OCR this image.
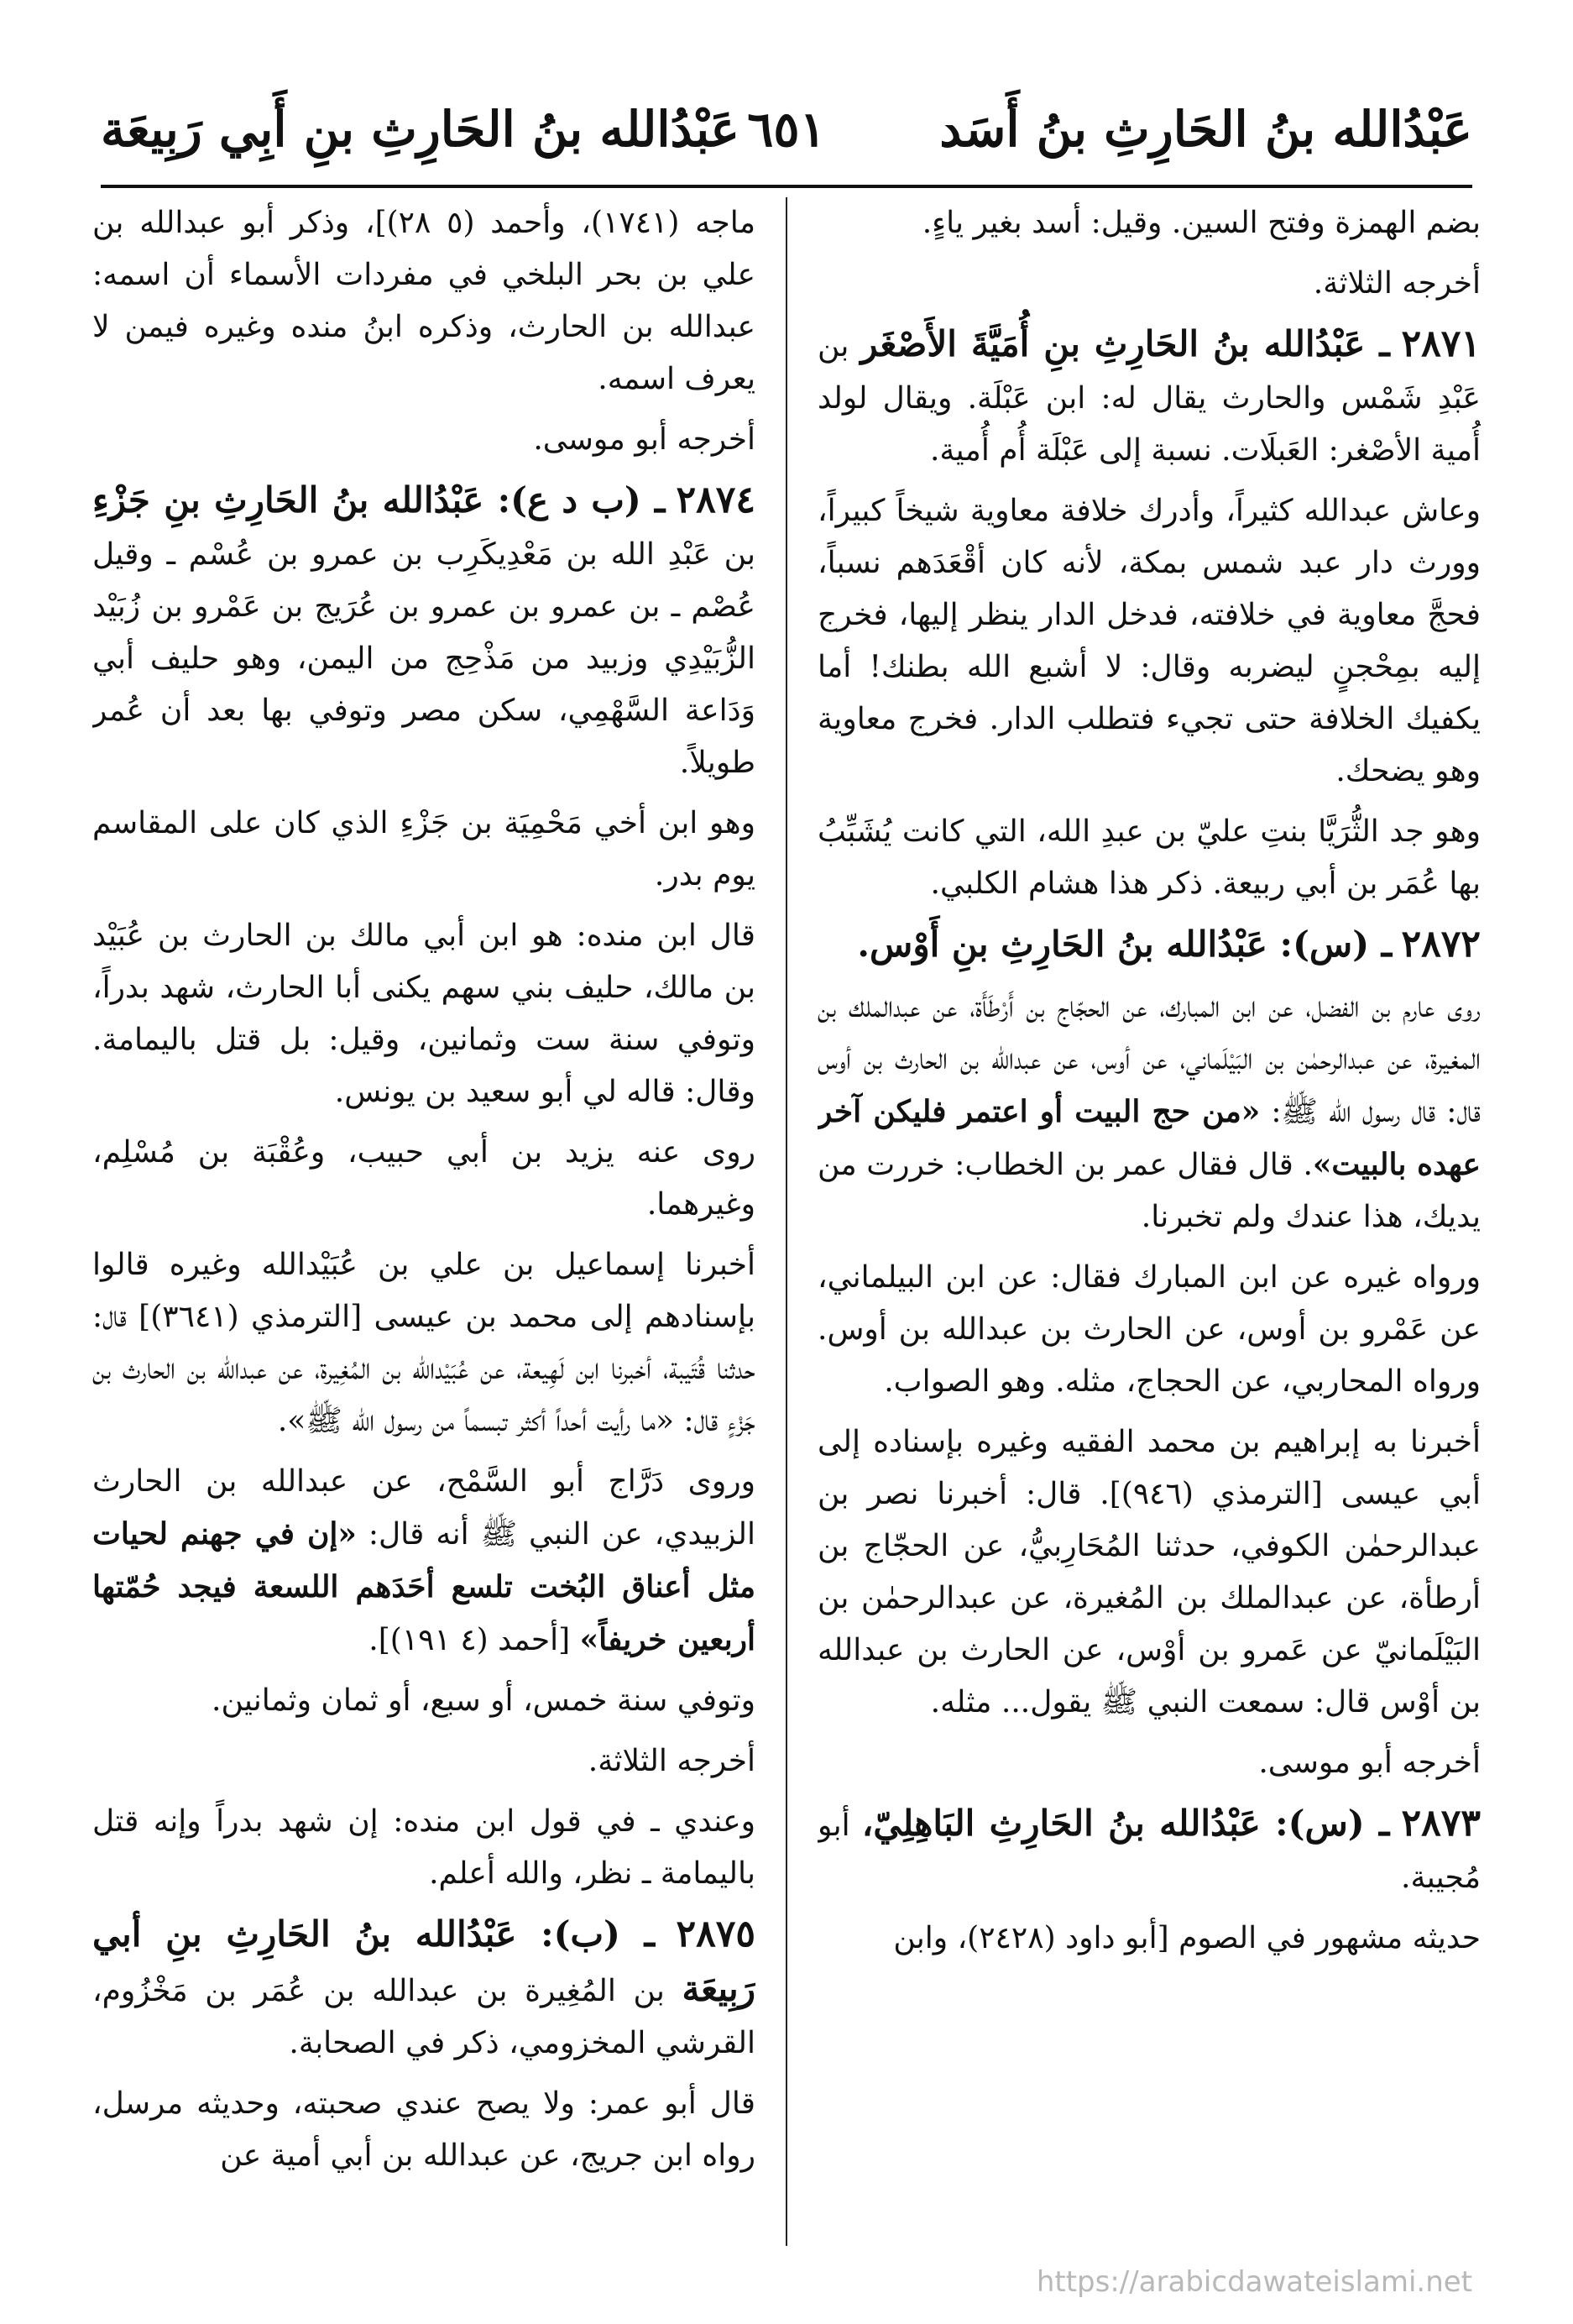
عَبْدُالله بنُ الحَارِثِ بنُ أَسَد
٦٥١
عَبْدُالله بنُ الحَارِثِ بنِ أَبِي رَبِيعَة

بضم الهمزة وفتح السين. وقيل: أسد بغير ياءٍ.

أخرجه الثلاثة.

٢٨٧١ ـ عَبْدُالله بنُ الحَارِثِ بنِ أُمَيَّةَ الأَصْغَر بن عَبْدِ شَمْس والحارث يقال له: ابن عَبْلَة. ويقال لولد أُمية الأصْغر: العَبلَات. نسبة إلى عَبْلَة أُم أُمية.

وعاش عبدالله كثيراً، وأدرك خلافة معاوية شيخاً كبيراً، وورث دار عبد شمس بمكة، لأنه كان أقْعَدَهم نسباً، فحجَّ معاوية في خلافته، فدخل الدار ينظر إليها، فخرج إليه بمِحْجنٍ ليضربه وقال: لا أشبع الله بطنك! أما يكفيك الخلافة حتى تجيء فتطلب الدار. فخرج معاوية وهو يضحك.

وهو جد الثُّرَيَّا بنتِ عليّ بن عبدِ الله، التي كانت يُشَبِّبُ بها عُمَر بن أبي ربيعة. ذكر هذا هشام الكلبي.

٢٨٧٢ ـ (س): عَبْدُالله بنُ الحَارِثِ بنِ أَوْس.

روى عارم بن الفضل، عن ابن المبارك، عن الحجّاج بن أَرْطَأَة، عن عبدالملك بن المغيرة، عن عبدالرحمٰن بن البَيْلَماني، عن أوس، عن عبدالله بن الحارث بن أوس قال: قال رسول الله ﷺ: «من حج البيت أو اعتمر فليكن آخر عهده بالبيت». قال فقال عمر بن الخطاب: خررت من يديك، هذا عندك ولم تخبرنا.

ورواه غيره عن ابن المبارك فقال: عن ابن البيلماني، عن عَمْرو بن أوس، عن الحارث بن عبدالله بن أوس. ورواه المحاربي، عن الحجاج، مثله. وهو الصواب.

أخبرنا به إبراهيم بن محمد الفقيه وغيره بإسناده إلى أبي عيسى [الترمذي (٩٤٦)]. قال: أخبرنا نصر بن عبدالرحمٰن الكوفي، حدثنا المُحَارِبيُّ، عن الحجّاج بن أرطأة، عن عبدالملك بن المُغيرة، عن عبدالرحمٰن بن البَيْلَمانيّ عن عَمرو بن أوْس، عن الحارث بن عبدالله بن أوْس قال: سمعت النبي ﷺ يقول... مثله.

أخرجه أبو موسى.

٢٨٧٣ ـ (س): عَبْدُالله بنُ الحَارِثِ البَاهِلِيّ، أبو مُجيبة.

حديثه مشهور في الصوم [أبو داود (٢٤٢٨)، وابن

ماجه (١٧٤١)، وأحمد (٥ ٢٨)]، وذكر أبو عبدالله بن علي بن بحر البلخي في مفردات الأسماء أن اسمه: عبدالله بن الحارث، وذكره ابنُ منده وغيره فيمن لا يعرف اسمه.

أخرجه أبو موسى.

٢٨٧٤ ـ (ب د ع): عَبْدُالله بنُ الحَارِثِ بنِ جَزْءِ بن عَبْدِ الله بن مَعْدِيكَرِب بن عمرو بن عُسْم ـ وقيل عُصْم ـ بن عمرو بن عمرو بن عُرَيج بن عَمْرو بن زُبَيْد الزُّبَيْدِي وزبيد من مَذْحِج من اليمن، وهو حليف أبي وَدَاعة السَّهْمِي، سكن مصر وتوفي بها بعد أن عُمر طويلاً.

وهو ابن أخي مَحْمِيَة بن جَزْءِ الذي كان على المقاسم يوم بدر.

قال ابن منده: هو ابن أبي مالك بن الحارث بن عُبَيْد بن مالك، حليف بني سهم يكنى أبا الحارث، شهد بدراً، وتوفي سنة ست وثمانين، وقيل: بل قتل باليمامة. وقال: قاله لي أبو سعيد بن يونس.

روى عنه يزيد بن أبي حبيب، وعُقْبَة بن مُسْلِم، وغيرهما.

أخبرنا إسماعيل بن علي بن عُبَيْدالله وغيره قالوا بإسنادهم إلى محمد بن عيسى [الترمذي (٣٦٤١)] قال: حدثنا قُتَيبة، أخبرنا ابن لَهِيعة، عن عُبَيْدالله بن المُغِيرة، عن عبدالله بن الحارث بن جَزْءٍ قال: «ما رأيت أحداً أكثر تبسماً من رسول الله ﷺ».

وروى دَرَّاج أبو السَّمْح، عن عبدالله بن الحارث الزبيدي، عن النبي ﷺ أنه قال: «إن في جهنم لحيات مثل أعناق البُخت تلسع أحَدَهم اللسعة فيجد حُمّتها أربعين خريفاً» [أحمد (٤ ١٩١)].

وتوفي سنة خمس، أو سبع، أو ثمان وثمانين.

أخرجه الثلاثة.

وعندي ـ في قول ابن منده: إن شهد بدراً وإنه قتل باليمامة ـ نظر، والله أعلم.

٢٨٧٥ ـ (ب): عَبْدُالله بنُ الحَارِثِ بنِ أبي رَبِيعَة بن المُغِيرة بن عبدالله بن عُمَر بن مَخْزُوم، القرشي المخزومي، ذكر في الصحابة.

قال أبو عمر: ولا يصح عندي صحبته، وحديثه مرسل، رواه ابن جريج، عن عبدالله بن أبي أمية عن

https://arabicdawateislami.net
